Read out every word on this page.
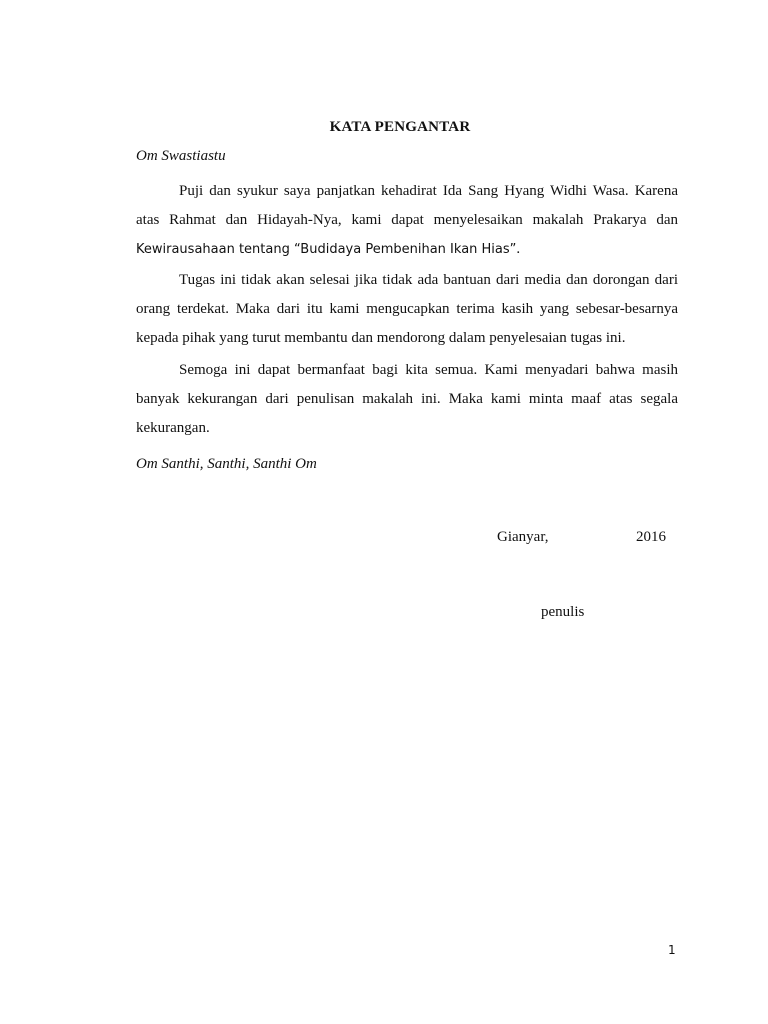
KATA PENGANTAR
Om Swastiastu

Puji dan syukur saya panjatkan kehadirat Ida Sang Hyang Widhi Wasa. Karena atas Rahmat dan Hidayah-Nya, kami dapat menyelesaikan makalah Prakarya dan Kewirausahaan tentang “Budidaya Pembenihan Ikan Hias”.

Tugas ini tidak akan selesai jika tidak ada bantuan dari media dan dorongan dari orang terdekat. Maka dari itu kami mengucapkan terima kasih yang sebesar-besarnya kepada pihak yang turut membantu dan mendorong dalam penyelesaian tugas ini.

Semoga ini dapat bermanfaat bagi kita semua. Kami menyadari bahwa masih banyak kekurangan dari penulisan makalah ini. Maka kami minta maaf atas segala kekurangan.

Om Santhi, Santhi, Santhi Om
Gianyar,	2016
penulis
1
